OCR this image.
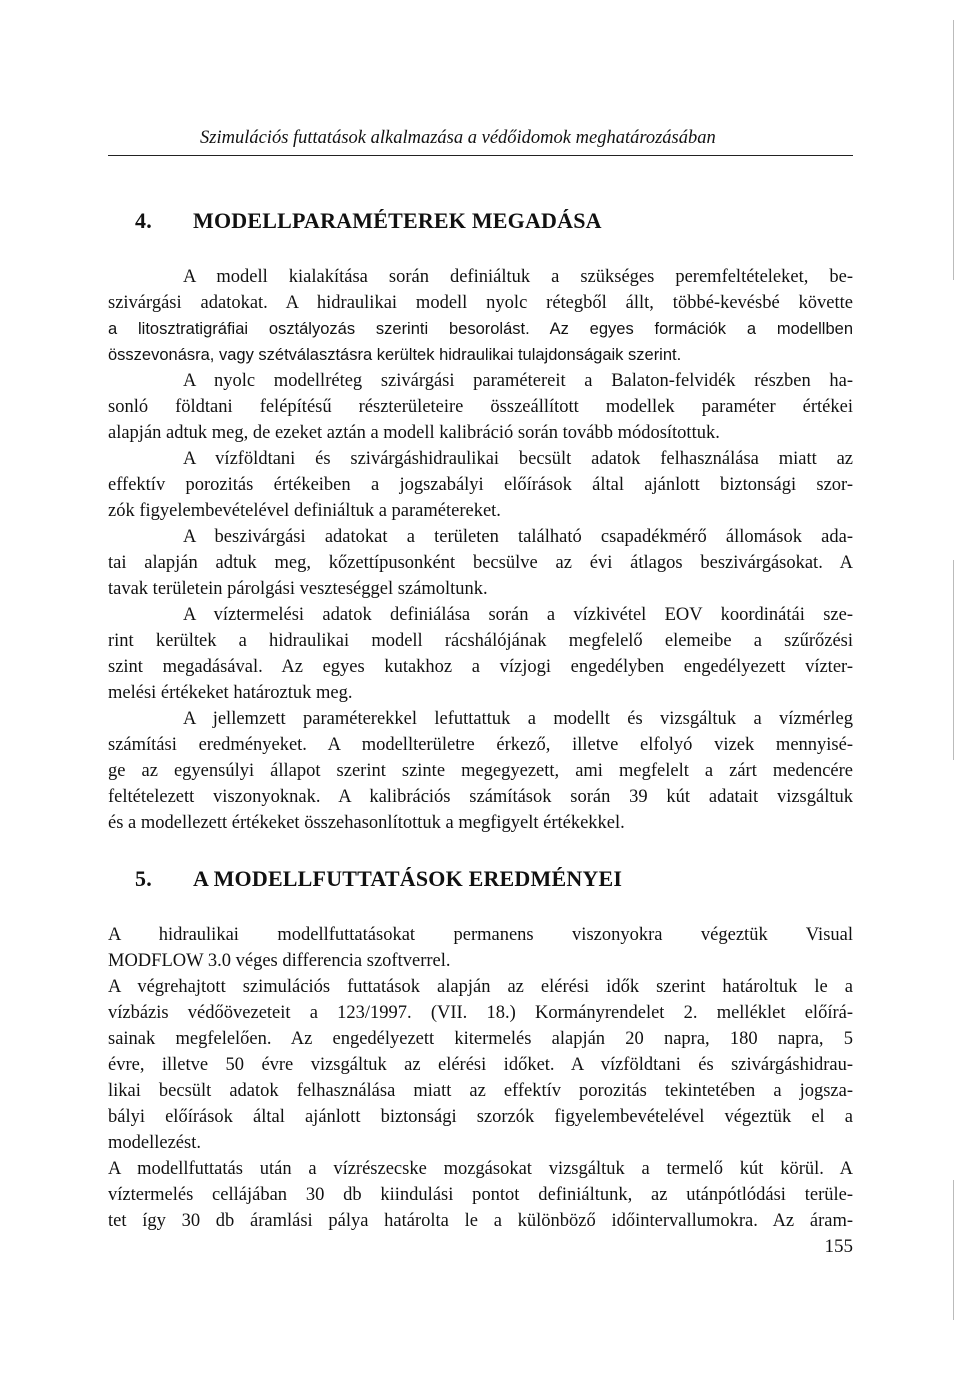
Szimulációs futtatások alkalmazása a védőidomok meghatározásában
4. MODELLPARAMÉTEREK MEGADÁSA
A modell kialakítása során definiáltuk a szükséges peremfeltételeket, be-
szivárgási adatokat. A hidraulikai modell nyolc rétegből állt, többé-kevésbé követte
a litosztratigráfiai osztályozás szerinti besorolást. Az egyes formációk a modellben
összevonásra, vagy szétválasztásra kerültek hidraulikai tulajdonságaik szerint.
A nyolc modellréteg szivárgási paramétereit a Balaton-felvidék részben ha-
sonló földtani felépítésű részterületeire összeállított modellek paraméter értékei
alapján adtuk meg, de ezeket aztán a modell kalibráció során tovább módosítottuk.
A vízföldtani és szivárgáshidraulikai becsült adatok felhasználása miatt az
effektív porozitás értékeiben a jogszabályi előírások által ajánlott biztonsági szor-
zók figyelembevételével definiáltuk a paramétereket.
A beszivárgási adatokat a területen található csapadékmérő állomások ada-
tai alapján adtuk meg, kőzettípusonként becsülve az évi átlagos beszivárgásokat. A
tavak területein párolgási veszteséggel számoltunk.
A víztermelési adatok definiálása során a vízkivétel EOV koordinátái sze-
rint kerültek a hidraulikai modell rácshálójának megfelelő elemeibe a szűrőzési
szint megadásával. Az egyes kutakhoz a vízjogi engedélyben engedélyezett vízter-
melési értékeket határoztuk meg.
A jellemzett paraméterekkel lefuttattuk a modellt és vizsgáltuk a vízmérleg
számítási eredményeket. A modellterületre érkező, illetve elfolyó vizek mennyisé-
ge az egyensúlyi állapot szerint szinte megegyezett, ami megfelelt a zárt medencére
feltételezett viszonyoknak. A kalibrációs számítások során 39 kút adatait vizsgáltuk
és a modellezett értékeket összehasonlítottuk a megfigyelt értékekkel.
5. A MODELLFUTTATÁSOK EREDMÉNYEI
A hidraulikai modellfuttatásokat permanens viszonyokra végeztük Visual
MODFLOW 3.0 véges differencia szoftverrel.
A végrehajtott szimulációs futtatások alapján az elérési idők szerint határoltuk le a
vízbázis védőövezeteit a 123/1997. (VII. 18.) Kormányrendelet 2. melléklet előírá-
sainak megfelelően. Az engedélyezett kitermelés alapján 20 napra, 180 napra, 5
évre, illetve 50 évre vizsgáltuk az elérési időket. A vízföldtani és szivárgáshidrau-
likai becsült adatok felhasználása miatt az effektív porozitás tekintetében a jogsza-
bályi előírások által ajánlott biztonsági szorzók figyelembevételével végeztük el a
modellezést.
A modellfuttatás után a vízrészecske mozgásokat vizsgáltuk a termelő kút körül. A
víztermelés cellájában 30 db kiindulási pontot definiáltunk, az utánpótlódási terüle-
tet így 30 db áramlási pálya határolta le a különböző időintervallumokra. Az áram-
155
